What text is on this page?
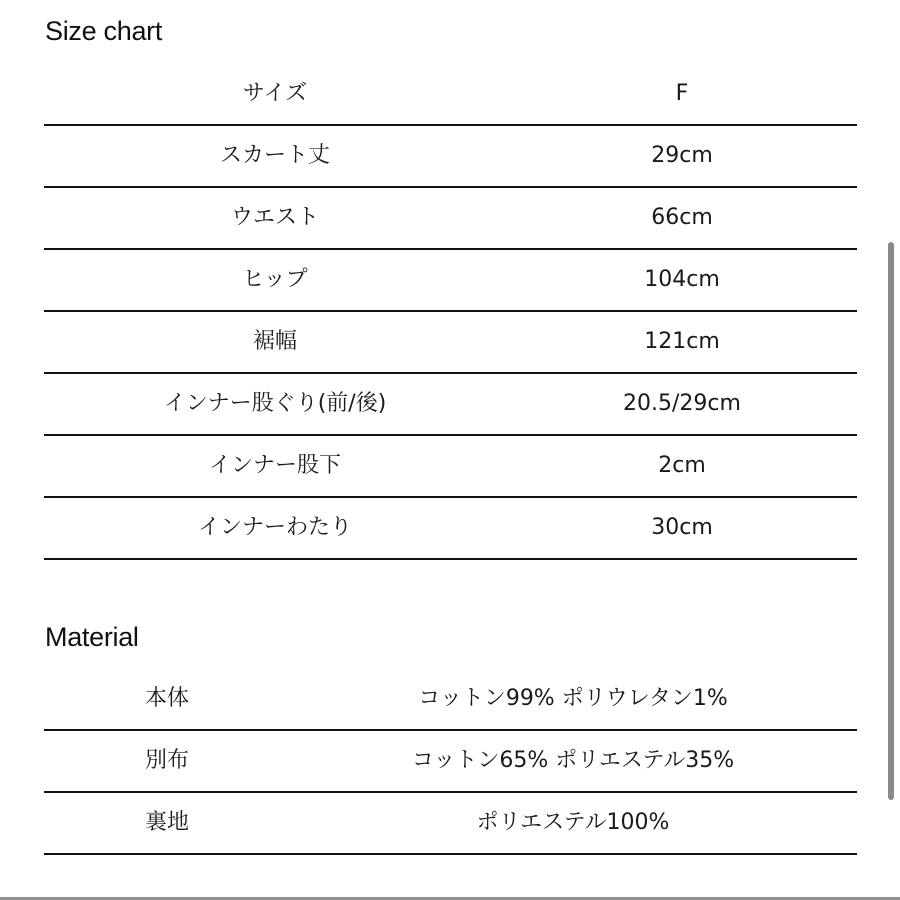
Size chart
サイズ	F
スカート丈	29cm
ウエスト	66cm
ヒップ	104cm
裾幅	121cm
インナー股ぐり(前/後)	20.5/29cm
インナー股下	2cm
インナーわたり	30cm
Material
本体	コットン99% ポリウレタン1%
別布	コットン65% ポリエステル35%
裏地	ポリエステル100%
